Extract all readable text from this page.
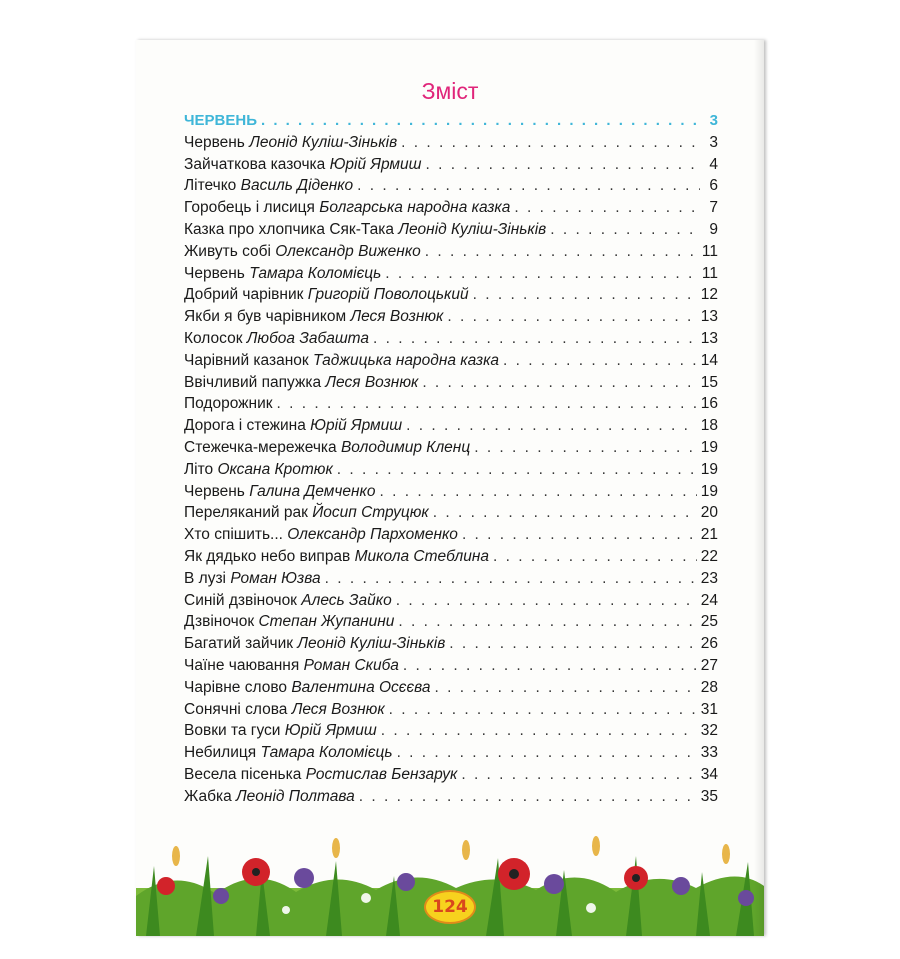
Зміст
ЧЕРВЕНЬ . . .	3
Червень Леонід Куліш-Зіньків . . .	3
Зайчаткова казочка Юрій Ярмиш . . .	4
Літечко Василь Діденко . . .	6
Горобець і лисиця Болгарська народна казка . . .	7
Казка про хлопчика Сяк-Така Леонід Куліш-Зіньків . . .	9
Живуть собі Олександр Виженко . . .	11
Червень Тамара Коломієць . . .	11
Добрий чарівник Григорій Поволоцький . . .	12
Якби я був чарівником Леся Вознюк . . .	13
Колосок Любоа Забашта . . .	13
Чарівний казанок Таджицька народна казка . . .	14
Ввічливий папужка Леся Вознюк . . .	15
Подорожник . . .	16
Дорога і стежина Юрій Ярмиш . . .	18
Стежечка-мережечка Володимир Кленц . . .	19
Літо Оксана Кротюк . . .	19
Червень Галина Демченко . . .	19
Переляканий рак Йосип Струцюк . . .	20
Хто спішить... Олександр Пархоменко . . .	21
Як дядько небо виправ Микола Стеблина . . .	22
В лузі Роман Юзва . . .	23
Синій дзвіночок Алесь Зайко . . .	24
Дзвіночок Степан Жупанини . . .	25
Багатий зайчик Леонід Куліш-Зіньків . . .	26
Чаїне чаювання Роман Скиба . . .	27
Чарівне слово Валентина Осєєва . . .	28
Сонячні слова Леся Вознюк . . .	31
Вовки та гуси Юрій Ярмиш . . .	32
Небилиця Тамара Коломієць . . .	33
Весела пісенька Ростислав Бензарук . . .	34
Жабка Леонід Полтава . . .	35
124
